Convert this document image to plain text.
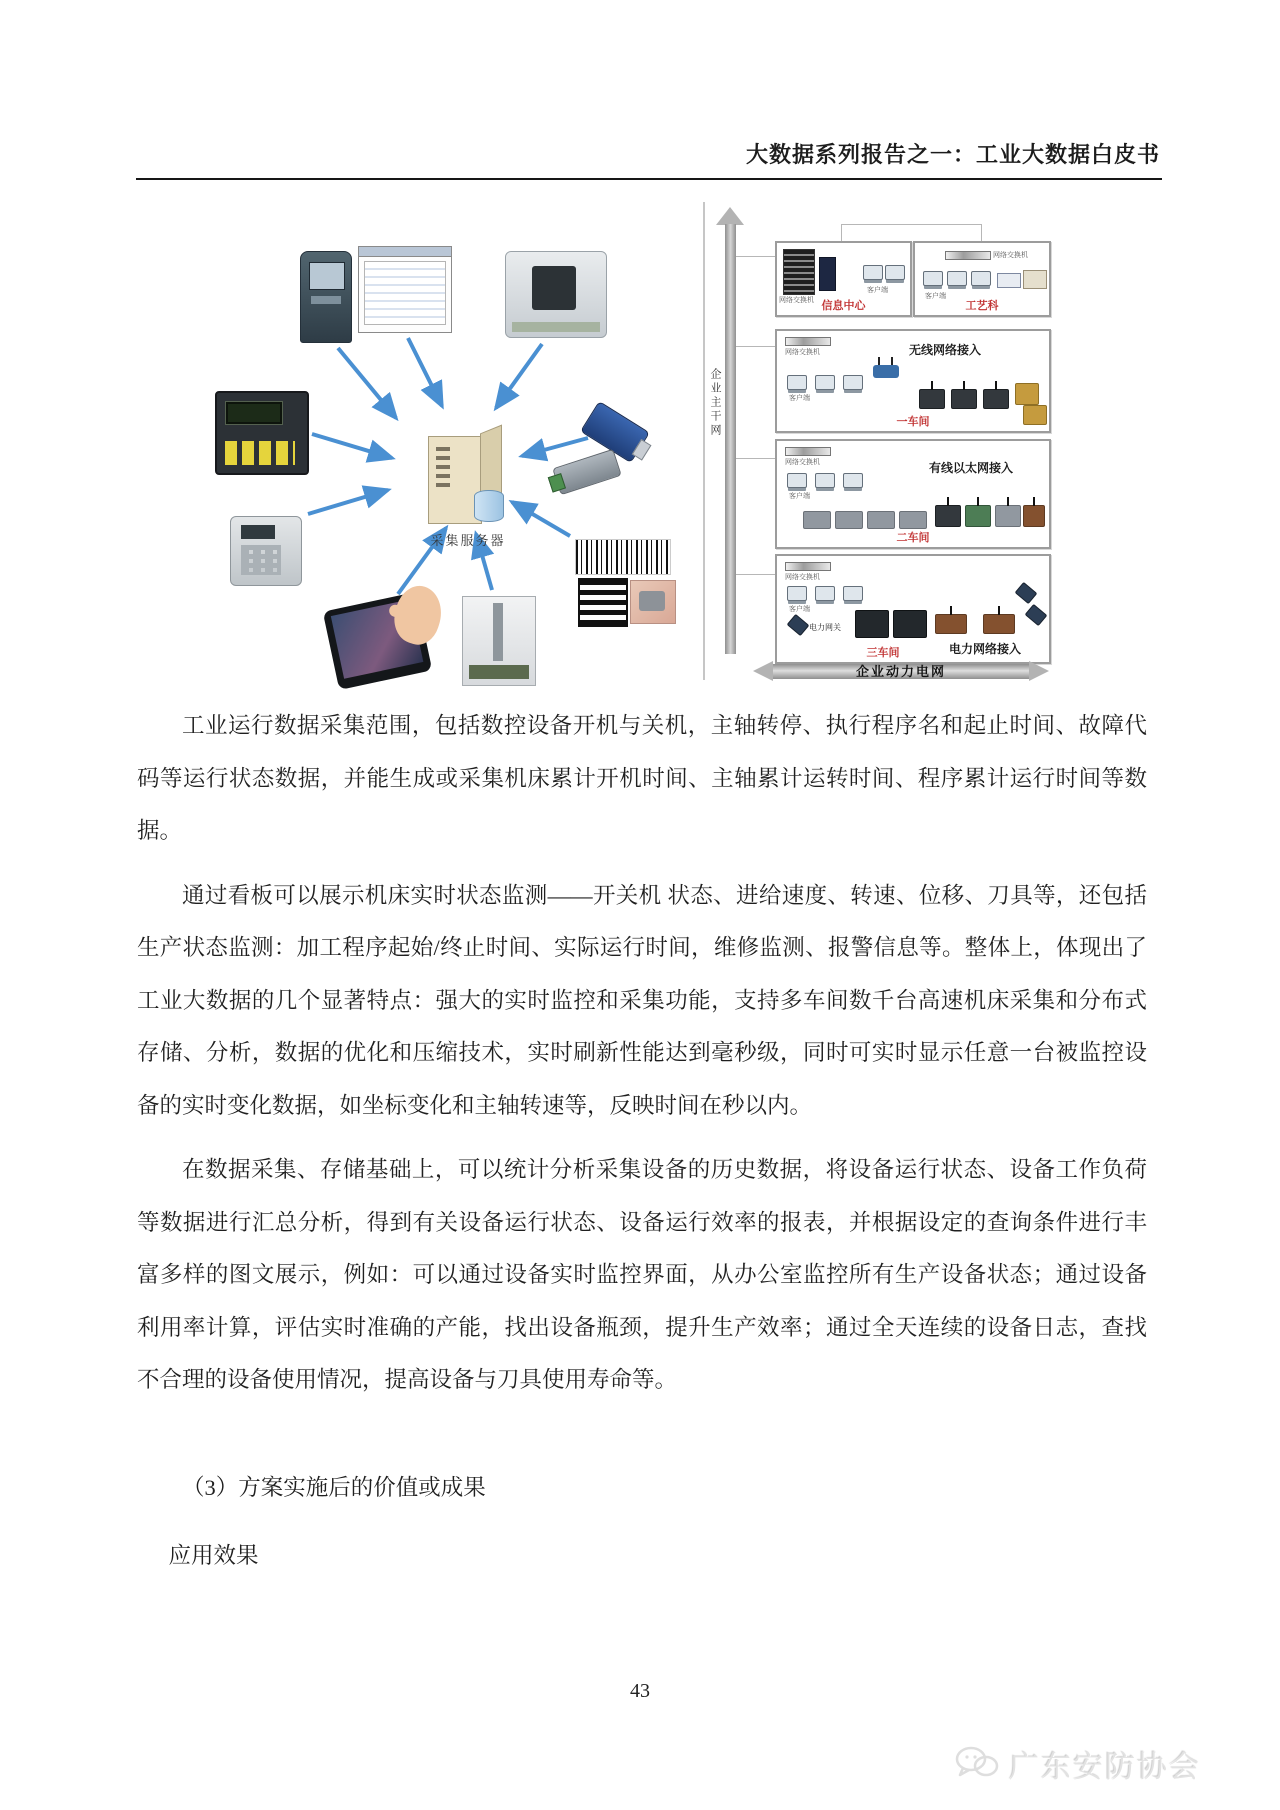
大数据系列报告之一：工业大数据白皮书
采集服务器
企业主干网
网络交换机
客户端
信息中心
网络交换机
客户端
工艺科
网络交换机	无线网络接入
客户端
一车间
网络交换机	有线以太网接入
客户端
二车间
网络交换机
客户端
电力网关
电力网络接入
三车间
企业动力电网

工业运行数据采集范围，包括数控设备开机与关机，主轴转停、执行程序名和起止时间、故障代码等运行状态数据，并能生成或采集机床累计开机时间、主轴累计运转时间、程序累计运行时间等数据。

通过看板可以展示机床实时状态监测——开关机 状态、进给速度、转速、位移、刀具等，还包括生产状态监测：加工程序起始/终止时间、实际运行时间，维修监测、报警信息等。整体上，体现出了工业大数据的几个显著特点：强大的实时监控和采集功能，支持多车间数千台高速机床采集和分布式存储、分析，数据的优化和压缩技术，实时刷新性能达到毫秒级，同时可实时显示任意一台被监控设备的实时变化数据，如坐标变化和主轴转速等，反映时间在秒以内。

在数据采集、存储基础上，可以统计分析采集设备的历史数据，将设备运行状态、设备工作负荷等数据进行汇总分析，得到有关设备运行状态、设备运行效率的报表，并根据设定的查询条件进行丰富多样的图文展示，例如：可以通过设备实时监控界面，从办公室监控所有生产设备状态；通过设备利用率计算，评估实时准确的产能，找出设备瓶颈，提升生产效率；通过全天连续的设备日志，查找不合理的设备使用情况，提高设备与刀具使用寿命等。

（3）方案实施后的价值或成果
应用效果
43
广东安防协会
